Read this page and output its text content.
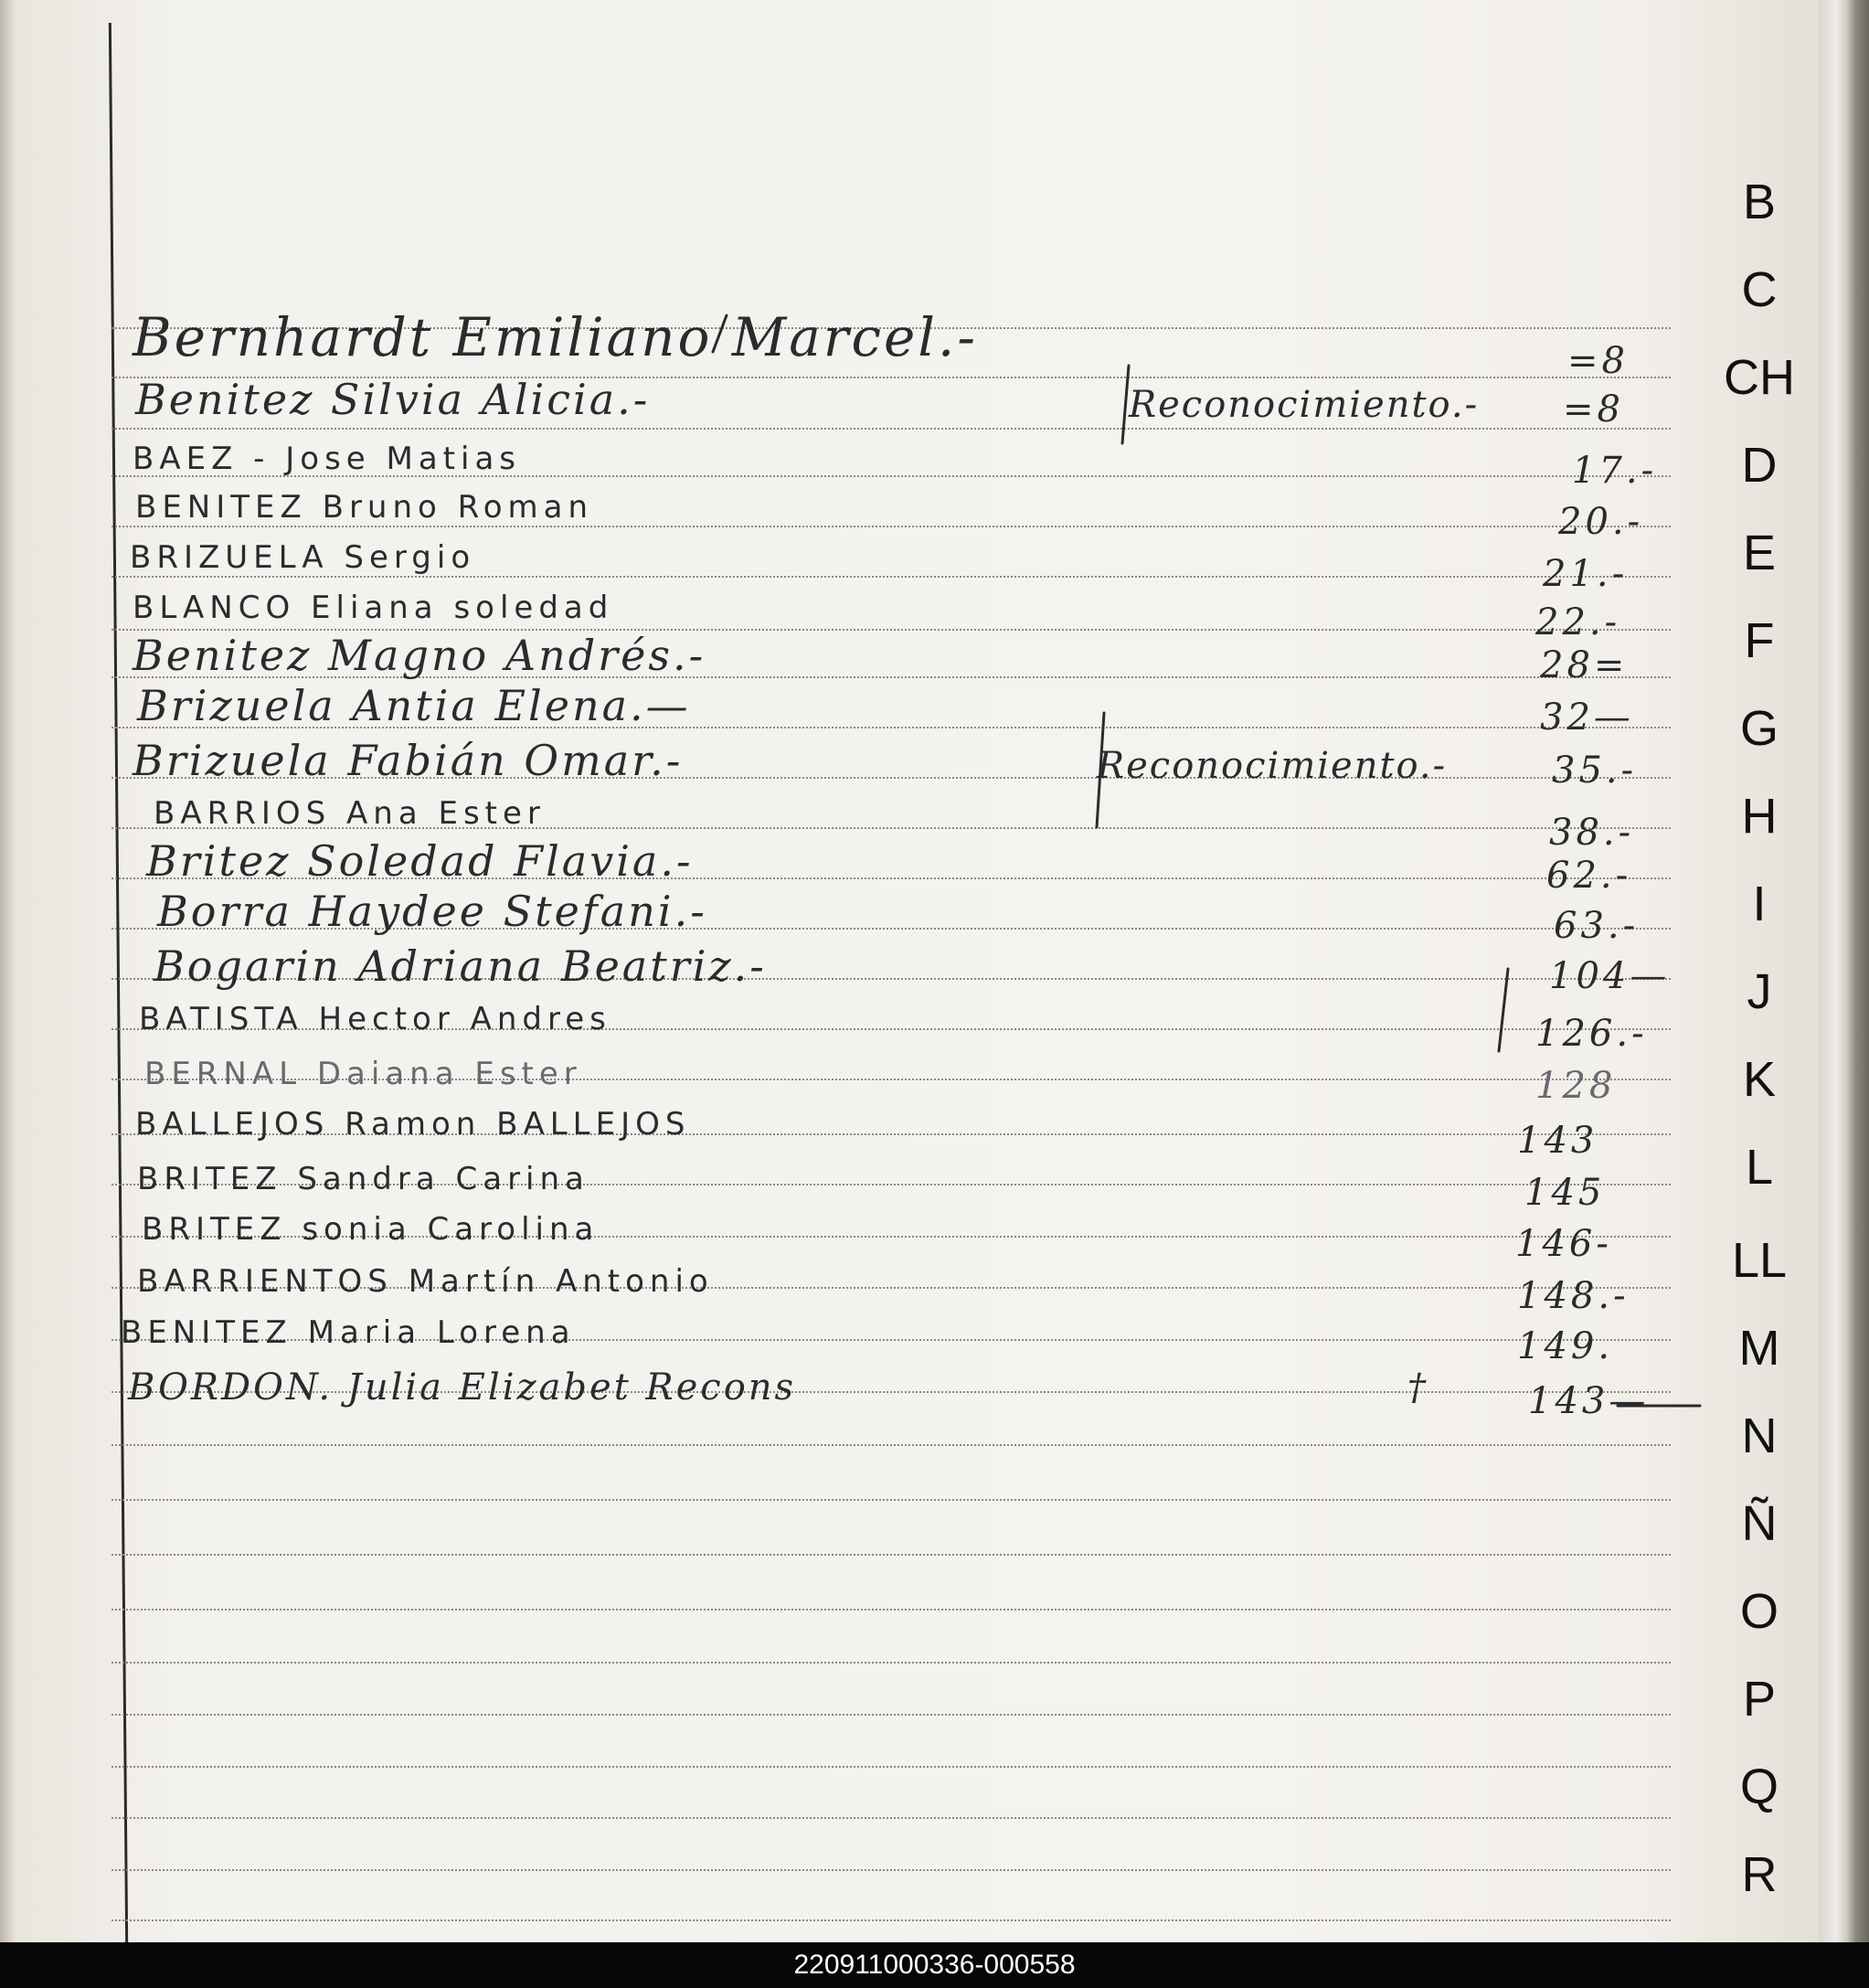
Bernhardt Emiliano Marcel.-	=8
Benitez Silvia Alicia.-	Reconocimiento.- =8
BAEZ - Jose Matias	17.-
BENITEZ Bruno Roman	20.-
BRIZUELA Sergio	21.-
BLANCO Eliana soledad	22.-
Benitez Magno Andrés.-	28=
Brizuela Antia Elena.—	32—
Brizuela Fabián Omar.-	Reconocimiento.-	35.-
BARRIOS Ana Ester	38.-
Britez Soledad Flavia.-	62.-
Borra Haydee Stefani.-	63.-
Bogarin Adriana Beatriz.-	104—
BATISTA Hector Andres	126.-
BERNAL Daiana Ester	128
BALLEJOS Ramon BALLEJOS	143
BRITEZ Sandra Carina	145
BRITEZ sonia Carolina	146-
BARRIENTOS Martín Antonio	148.-
BENITEZ Maria Lorena	149.
BORDON. Julia Elizabet Recons	†	143—
B
C
CH
D
E
F
G
H
I
J
K
L
LL
M
N
Ñ
O
P
Q
R
220911000336-000558
